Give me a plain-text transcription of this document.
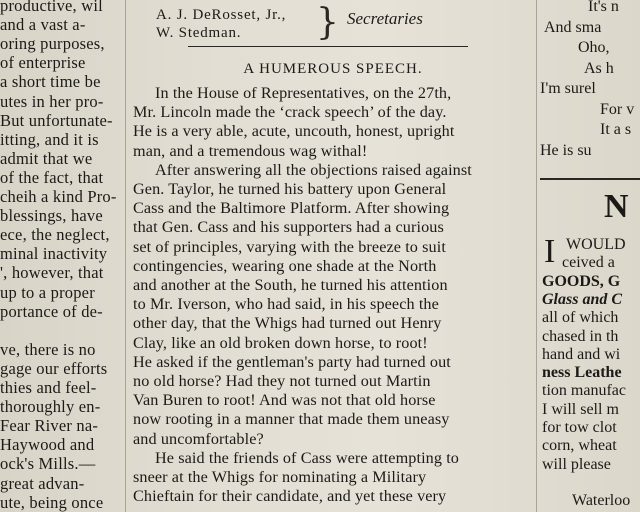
productive, wil
and a vast a-
oring purposes,
of enterprise
a short time be
utes in her pro-
But unfortunate-
itting, and it is
admit that we
of the fact, that
cheih a kind Pro-
blessings, have
ece, the neglect,
minal inactivity
', however, that
up to a proper
portance of de-
ve, there is no
gage our efforts
thies and feel-
thoroughly en-
Fear River na-
Haywood and
ock's Mills.—
great advan-
ute, being once
A. J. DeRosset, Jr.,
W. Stedman. } Secretaries
A HUMEROUS SPEECH.
In the House of Representatives, on the 27th,
Mr. Lincoln made the ‘crack speech’ of the day.
He is a very able, acute, uncouth, honest, upright
man, and a tremendous wag withal!
After answering all the objections raised against
Gen. Taylor, he turned his battery upon General
Cass and the Baltimore Platform. After showing
that Gen. Cass and his supporters had a curious
set of principles, varying with the breeze to suit
contingencies, wearing one shade at the North
and another at the South, he turned his attention
to Mr. Iverson, who had said, in his speech the
other day, that the Whigs had turned out Henry
Clay, like an old broken down horse, to root!
He asked if the gentleman's party had turned out
no old horse? Had they not turned out Martin
Van Buren to root! And was not that old horse
now rooting in a manner that made them uneasy
and uncomfortable?
He said the friends of Cass were attempting to
sneer at the Whigs for nominating a Military
Chieftain for their candidate, and yet these very
It's n
And sma
Oho,
As h
I'm surel
For v
It a s
He is su
WOULD
ceived a
GOODS, G
Glass and C
all of which
chased in th
hand and wi
ness Leathe
tion manufac
I will sell m
for tow clot
corn, wheat
will please
Waterloo
N
I
